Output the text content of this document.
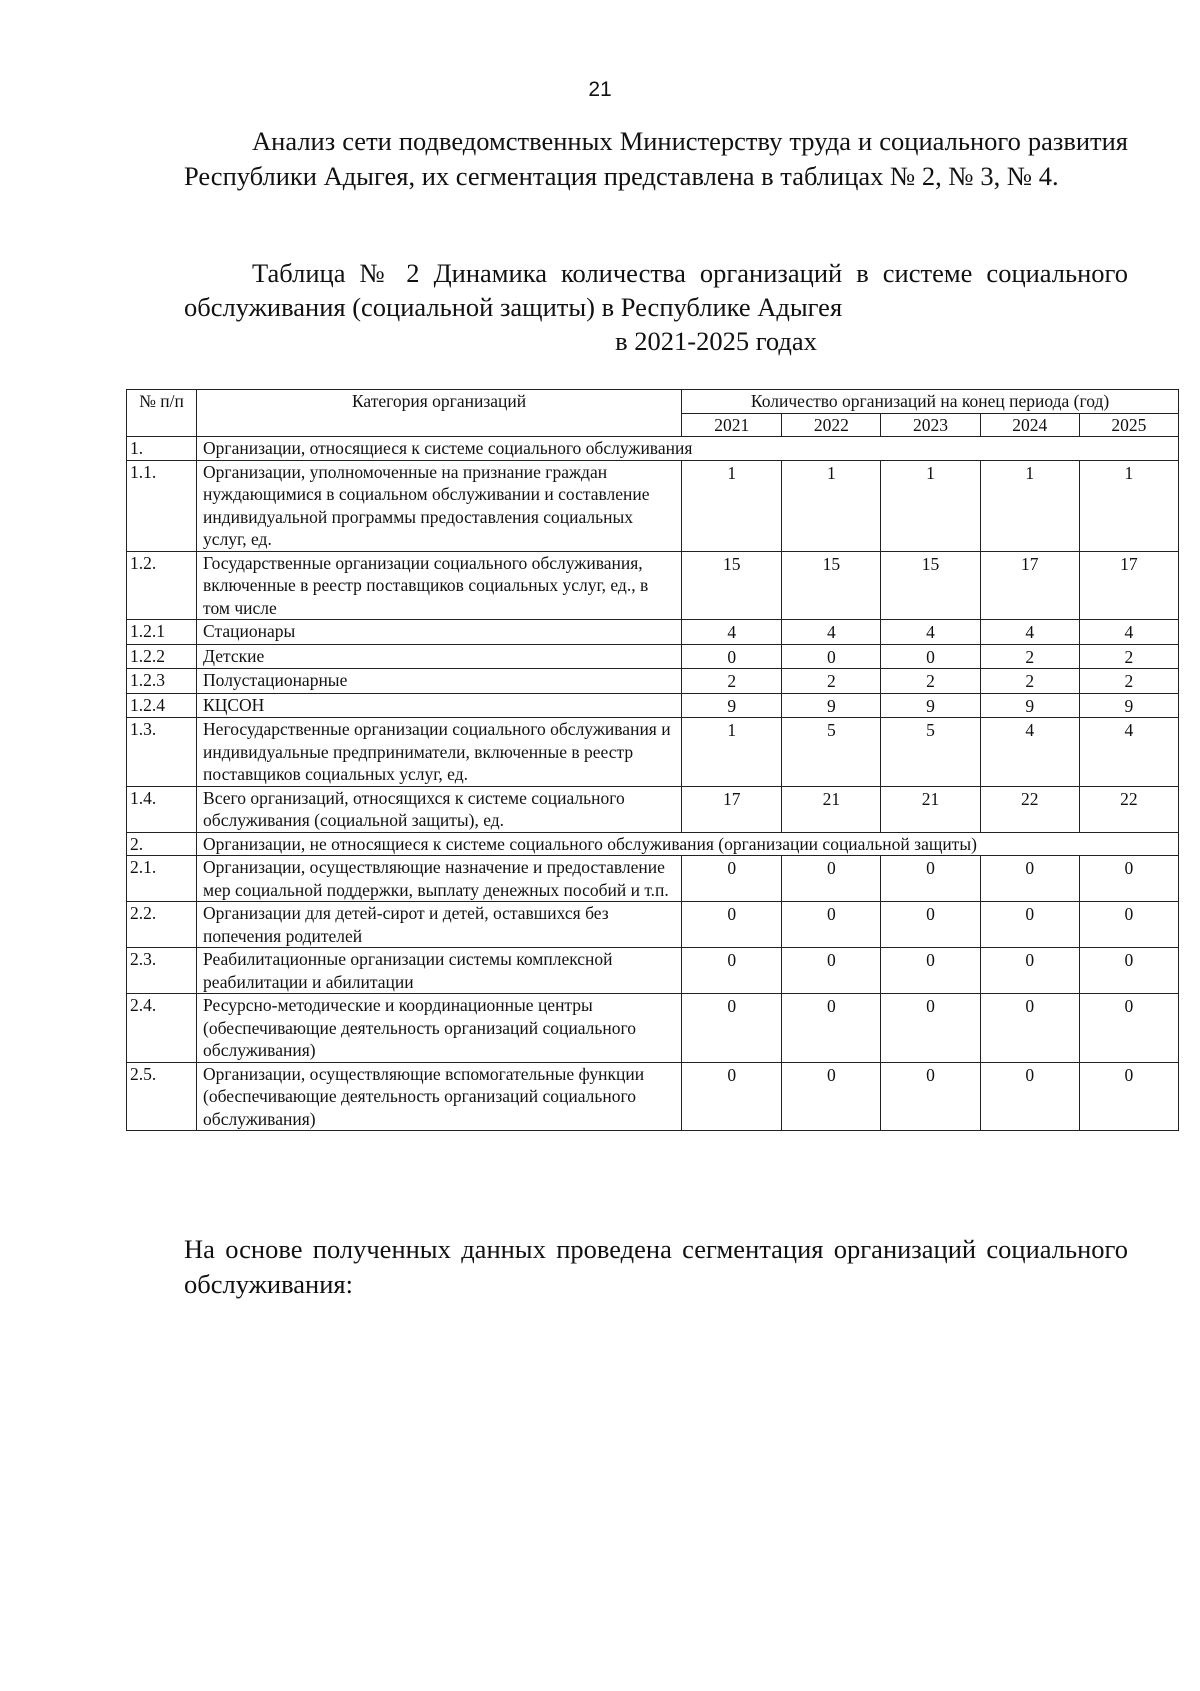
21

Анализ сети подведомственных Министерству труда и социального развития Республики Адыгея, их сегментация представлена в таблицах № 2, № 3, № 4.

Таблица № 2 Динамика количества организаций в системе социального обслуживания (социальной защиты) в Республике Адыгея
в 2021-2025 годах

№ п/п	Категория организаций	Количество организаций на конец периода (год)				
		2021	2022	2023	2024	2025
1.	Организации, относящиеся к системе социального обслуживания					
1.1.	Организации, уполномоченные на признание граждан нуждающимися в социальном обслуживании и составление индивидуальной программы предоставления социальных услуг, ед.	1	1	1	1	1
1.2.	Государственные организации социального обслуживания, включенные в реестр поставщиков социальных услуг, ед., в том числе	15	15	15	17	17
1.2.1	Стационары	4	4	4	4	4
1.2.2	Детские	0	0	0	2	2
1.2.3	Полустационарные	2	2	2	2	2
1.2.4	КЦСОН	9	9	9	9	9
1.3.	Негосударственные организации социального обслуживания и индивидуальные предприниматели, включенные в реестр поставщиков социальных услуг, ед.	1	5	5	4	4
1.4.	Всего организаций, относящихся к системе социального обслуживания (социальной защиты), ед.	17	21	21	22	22
2.	Организации, не относящиеся к системе социального обслуживания (организации социальной защиты)					
2.1.	Организации, осуществляющие назначение и предоставление мер социальной поддержки, выплату денежных пособий и т.п.	0	0	0	0	0
2.2.	Организации для детей-сирот и детей, оставшихся без попечения родителей	0	0	0	0	0
2.3.	Реабилитационные организации системы комплексной реабилитации и абилитации	0	0	0	0	0
2.4.	Ресурсно-методические и координационные центры (обеспечивающие деятельность организаций социального обслуживания)	0	0	0	0	0
2.5.	Организации, осуществляющие вспомогательные функции (обеспечивающие деятельность организаций социального обслуживания)	0	0	0	0	0

На основе полученных данных проведена сегментация организаций социального обслуживания:
